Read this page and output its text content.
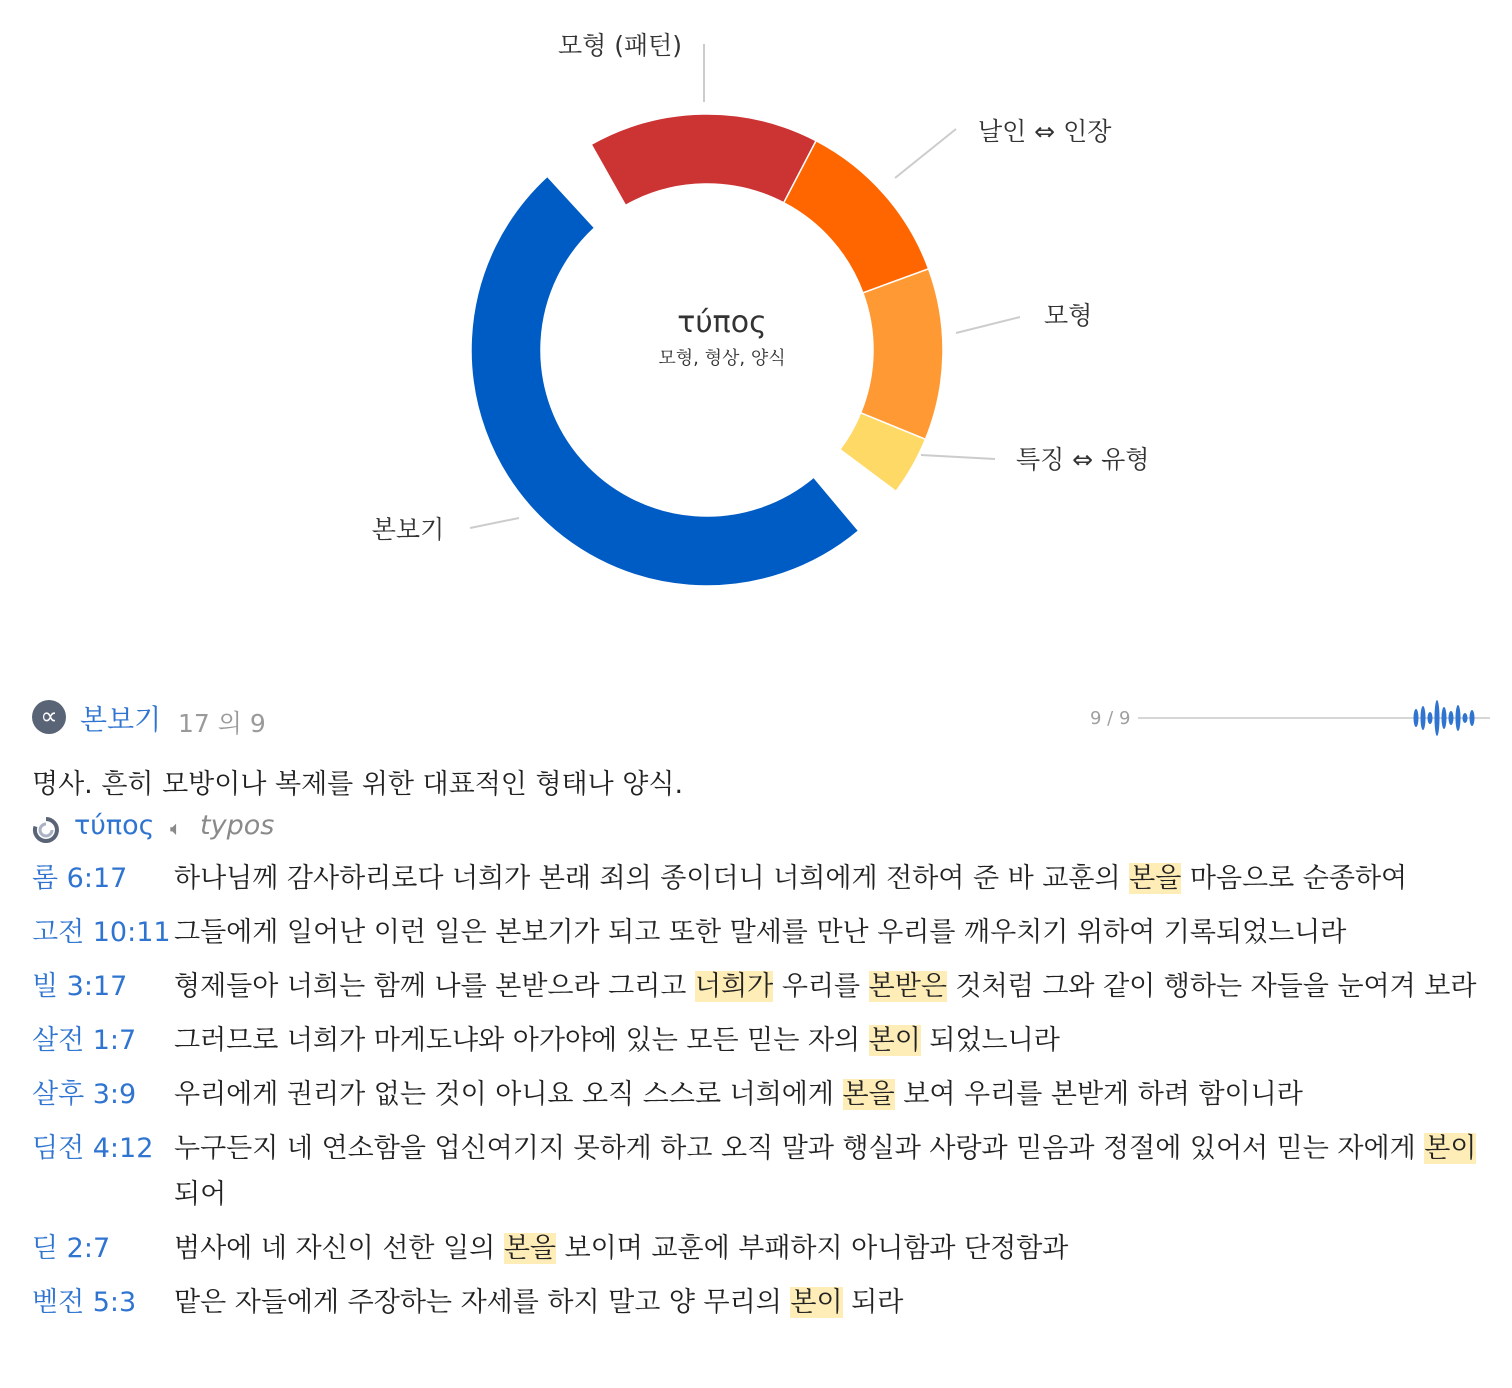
τύπος
모형, 형상, 양식
모형 (패턴)
날인 ⇔ 인장
모형
특징 ⇔ 유형
본보기
∝ 본보기 17 의 9	9 / 9
명사. 흔히 모방이나 복제를 위한 대표적인 형태나 양식.
τύπος 🔈︎ typos
롬 6:17	하나님께 감사하리로다 너희가 본래 죄의 종이더니 너희에게 전하여 준 바 교훈의 본을 마음으로 순종하여
고전 10:11 그들에게 일어난 이런 일은 본보기가 되고 또한 말세를 만난 우리를 깨우치기 위하여 기록되었느니라
빌 3:17	형제들아 너희는 함께 나를 본받으라 그리고 너희가 우리를 본받은 것처럼 그와 같이 행하는 자들을 눈여겨 보라
살전 1:7	그러므로 너희가 마게도냐와 아가야에 있는 모든 믿는 자의 본이 되었느니라
살후 3:9	우리에게 권리가 없는 것이 아니요 오직 스스로 너희에게 본을 보여 우리를 본받게 하려 함이니라
딤전 4:12 누구든지 네 연소함을 업신여기지 못하게 하고 오직 말과 행실과 사랑과 믿음과 정절에 있어서 믿는 자에게 본이 되어
딛 2:7	범사에 네 자신이 선한 일의 본을 보이며 교훈에 부패하지 아니함과 단정함과
벧전 5:3	맡은 자들에게 주장하는 자세를 하지 말고 양 무리의 본이 되라
